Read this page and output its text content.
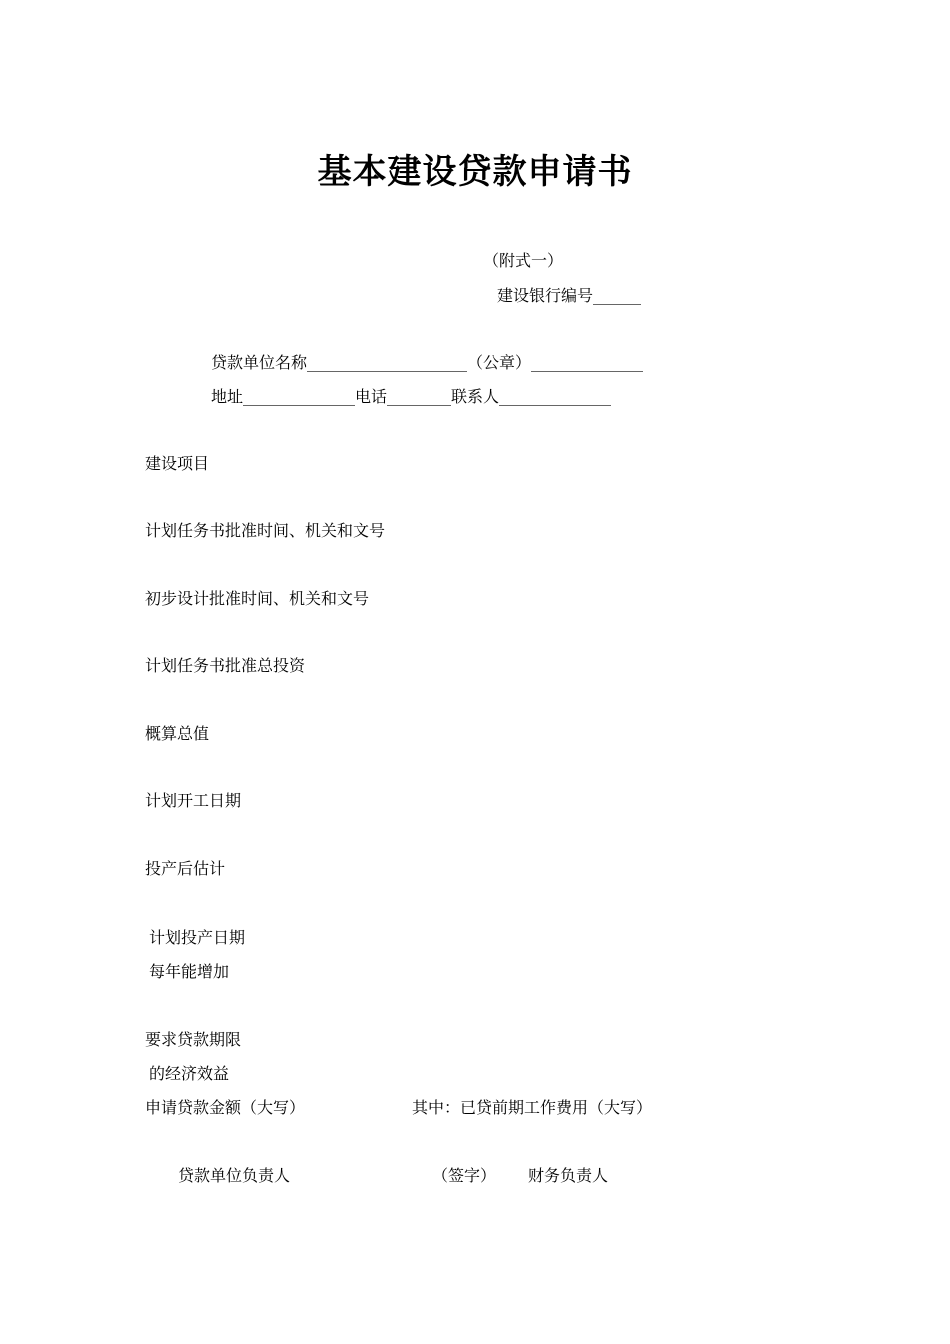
基本建设贷款申请书
（附式一）
建设银行编号______
贷款单位名称____________________（公章）______________
地址______________电话________联系人______________
建设项目
计划任务书批准时间、机关和文号
初步设计批准时间、机关和文号
计划任务书批准总投资
概算总值
计划开工日期
投产后估计
计划投产日期
每年能增加
要求贷款期限
的经济效益
申请贷款金额（大写）	其中：已贷前期工作费用（大写）
贷款单位负责人	（签字） 财务负责人
